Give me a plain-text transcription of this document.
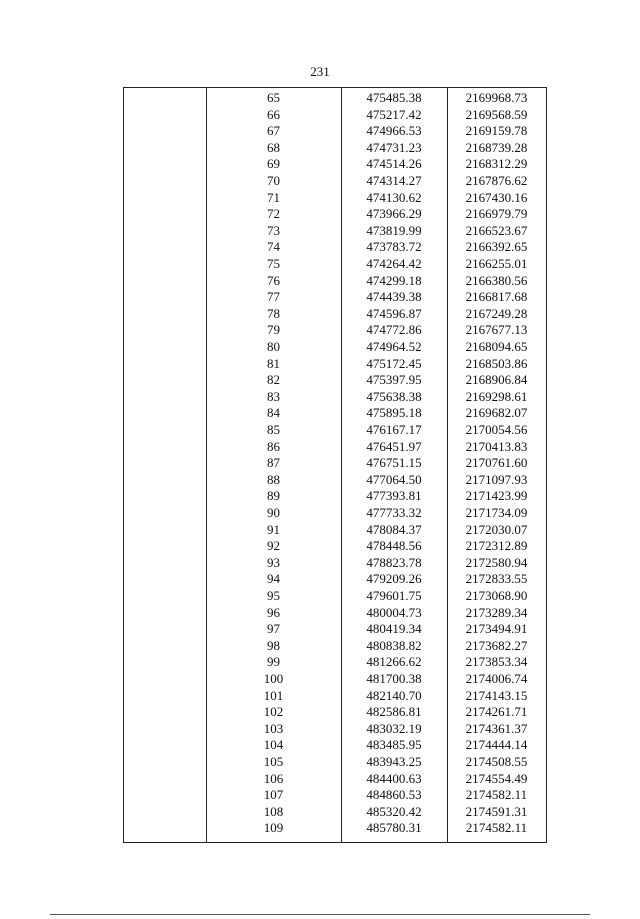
231
65	475485.38	2169968.73
66	475217.42	2169568.59
67	474966.53	2169159.78
68	474731.23	2168739.28
69	474514.26	2168312.29
70	474314.27	2167876.62
71	474130.62	2167430.16
72	473966.29	2166979.79
73	473819.99	2166523.67
74	473783.72	2166392.65
75	474264.42	2166255.01
76	474299.18	2166380.56
77	474439.38	2166817.68
78	474596.87	2167249.28
79	474772.86	2167677.13
80	474964.52	2168094.65
81	475172.45	2168503.86
82	475397.95	2168906.84
83	475638.38	2169298.61
84	475895.18	2169682.07
85	476167.17	2170054.56
86	476451.97	2170413.83
87	476751.15	2170761.60
88	477064.50	2171097.93
89	477393.81	2171423.99
90	477733.32	2171734.09
91	478084.37	2172030.07
92	478448.56	2172312.89
93	478823.78	2172580.94
94	479209.26	2172833.55
95	479601.75	2173068.90
96	480004.73	2173289.34
97	480419.34	2173494.91
98	480838.82	2173682.27
99	481266.62	2173853.34
100	481700.38	2174006.74
101	482140.70	2174143.15
102	482586.81	2174261.71
103	483032.19	2174361.37
104	483485.95	2174444.14
105	483943.25	2174508.55
106	484400.63	2174554.49
107	484860.53	2174582.11
108	485320.42	2174591.31
109	485780.31	2174582.11
